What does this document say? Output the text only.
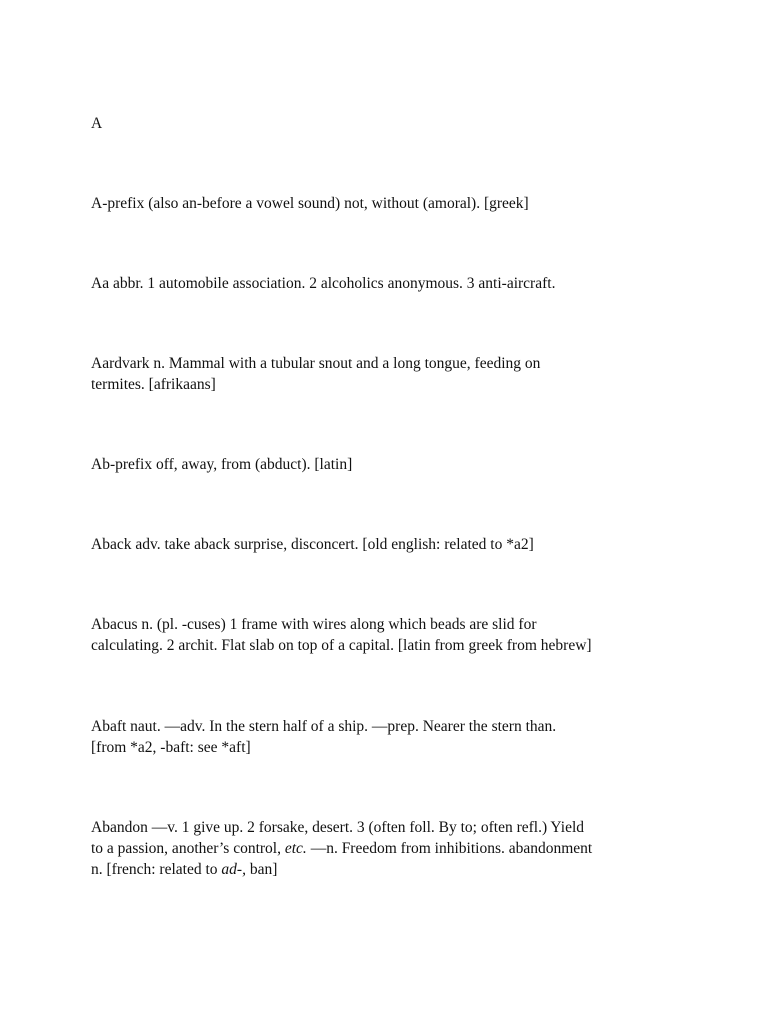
A

A-prefix (also an-before a vowel sound) not, without (amoral). [greek]

Aa abbr. 1 automobile association. 2 alcoholics anonymous. 3 anti-aircraft.

Aardvark n. Mammal with a tubular snout and a long tongue, feeding on
termites. [afrikaans]

Ab-prefix off, away, from (abduct). [latin]

Aback adv. take aback surprise, disconcert. [old english: related to *a2]

Abacus n. (pl. -cuses) 1 frame with wires along which beads are slid for
calculating. 2 archit. Flat slab on top of a capital. [latin from greek from hebrew]

Abaft naut. —adv. In the stern half of a ship. —prep. Nearer the stern than.
[from *a2, -baft: see *aft]

Abandon —v. 1 give up. 2 forsake, desert. 3 (often foll. By to; often refl.) Yield
to a passion, another’s control, etc. —n. Freedom from inhibitions. abandonment
n. [french: related to ad-, ban]
